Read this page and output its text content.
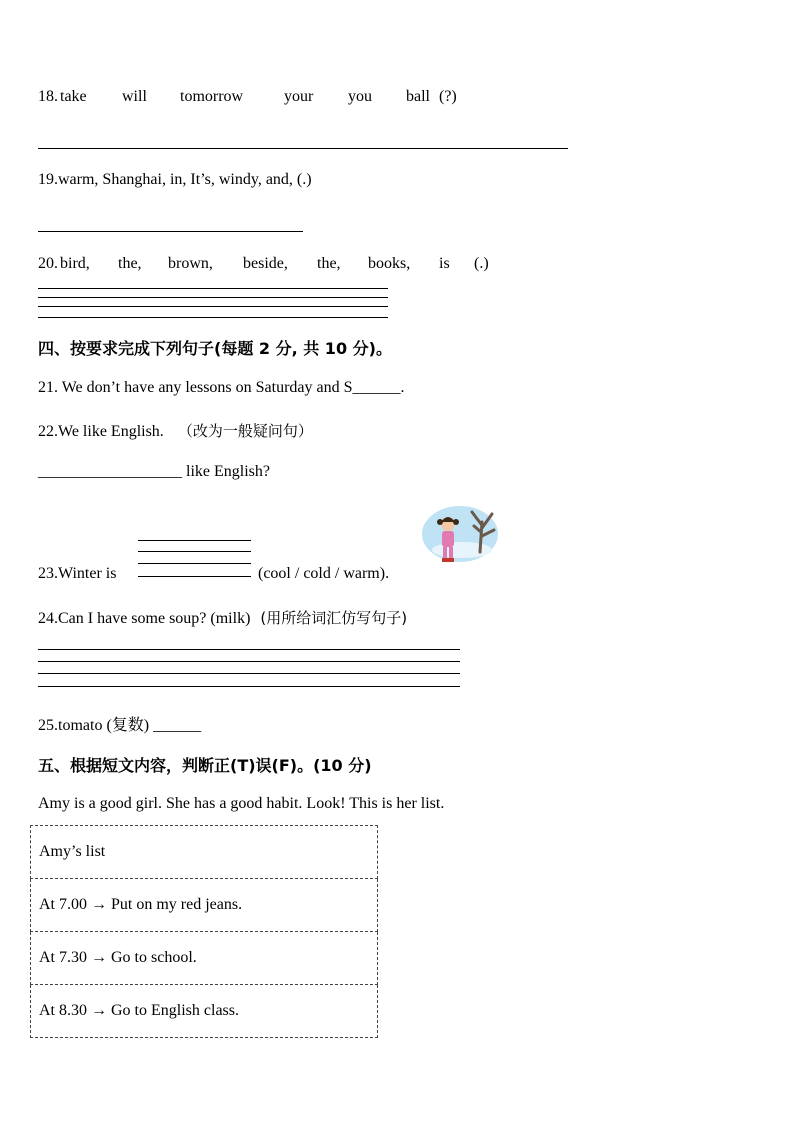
18. take will tomorrow	your you ball (?)
19.warm, Shanghai, in, It’s, windy, and, (.)
20. bird, the, brown, beside, the, books, is (.)
四、按要求完成下列句子(每题 2 分, 共 10 分)。
21. We don’t have any lessons on Saturday and S______.
22.We like English. （改为一般疑问句）
__________________ like English?
23.Winter is	(cool / cold / warm).
24.Can I have some soup? (milk) (用所给词汇仿写句子)
25.tomato (复数) ______
五、根据短文内容，判断正(T)误(F)。(10 分)
Amy is a good girl. She has a good habit. Look! This is her list.
Amy’s list
At 7.00 → Put on my red jeans.
At 7.30 → Go to school.
At 8.30 → Go to English class.
